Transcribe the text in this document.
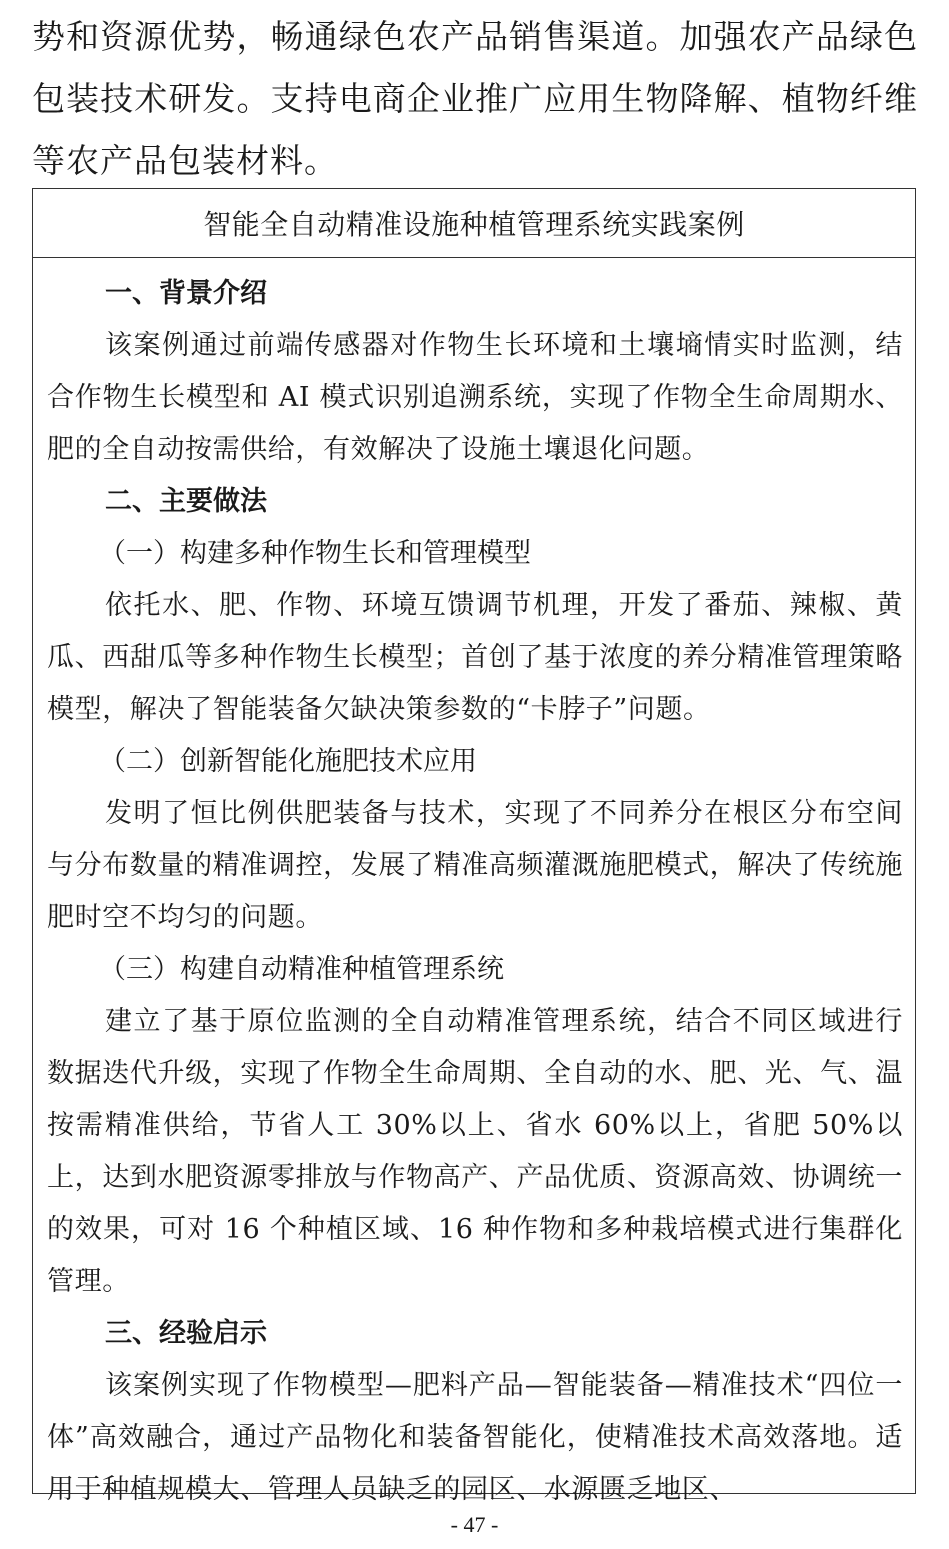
势和资源优势，畅通绿色农产品销售渠道。加强农产品绿色包装技术研发。支持电商企业推广应用生物降解、植物纤维等农产品包装材料。

智能全自动精准设施种植管理系统实践案例

一、背景介绍

该案例通过前端传感器对作物生长环境和土壤墒情实时监测，结合作物生长模型和 AI 模式识别追溯系统，实现了作物全生命周期水、肥的全自动按需供给，有效解决了设施土壤退化问题。

二、主要做法

（一）构建多种作物生长和管理模型

依托水、肥、作物、环境互馈调节机理，开发了番茄、辣椒、黄瓜、西甜瓜等多种作物生长模型；首创了基于浓度的养分精准管理策略模型，解决了智能装备欠缺决策参数的“卡脖子”问题。

（二）创新智能化施肥技术应用

发明了恒比例供肥装备与技术，实现了不同养分在根区分布空间与分布数量的精准调控，发展了精准高频灌溉施肥模式，解决了传统施肥时空不均匀的问题。

（三）构建自动精准种植管理系统

建立了基于原位监测的全自动精准管理系统，结合不同区域进行数据迭代升级，实现了作物全生命周期、全自动的水、肥、光、气、温按需精准供给，节省人工 30%以上、省水 60%以上，省肥 50%以上，达到水肥资源零排放与作物高产、产品优质、资源高效、协调统一的效果，可对 16 个种植区域、16 种作物和多种栽培模式进行集群化管理。

三、经验启示

该案例实现了作物模型—肥料产品—智能装备—精准技术“四位一体”高效融合，通过产品物化和装备智能化，使精准技术高效落地。适用于种植规模大、管理人员缺乏的园区、水源匮乏地区、

- 47 -
